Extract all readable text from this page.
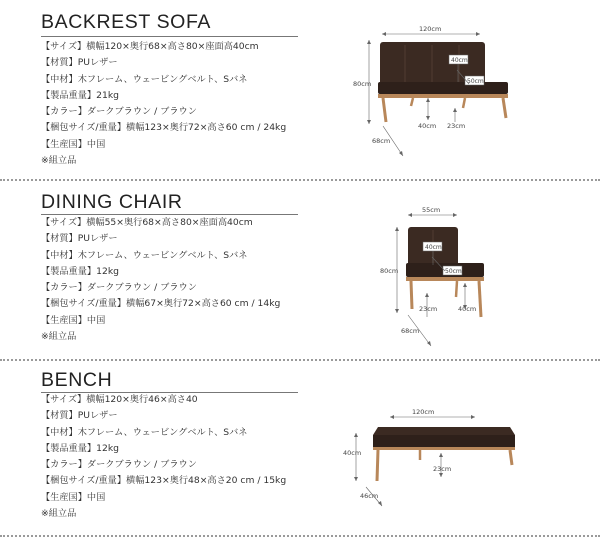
BACKREST SOFA
【サイズ】横幅120×奥行68×高さ80×座面高40cm
【材質】PUレザー
【中材】木フレーム、ウェービングベルト、Sバネ
【製品重量】21kg
【カラー】ダークブラウン / ブラウン
【梱包サイズ/重量】横幅123×奥行72×高さ60 cm / 24kg
【生産国】中国
※組立品
120cm
80cm
40cm
50cm
40cm 23cm
68cm
DINING CHAIR
【サイズ】横幅55×奥行68×高さ80×座面高40cm
【材質】PUレザー
【中材】木フレーム、ウェービングベルト、Sバネ
【製品重量】12kg
【カラー】ダークブラウン / ブラウン
【梱包サイズ/重量】横幅67×奥行72×高さ60 cm / 14kg
【生産国】中国
※組立品
55cm
80cm
40cm
50cm
23cm	40cm
68cm
BENCH
【サイズ】横幅120×奥行46×高さ40
【材質】PUレザー
【中材】木フレーム、ウェービングベルト、Sバネ
【製品重量】12kg
【カラー】ダークブラウン / ブラウン
【梱包サイズ/重量】横幅123×奥行48×高さ20 cm / 15kg
【生産国】中国
※組立品
120cm
40cm
23cm
46cm
